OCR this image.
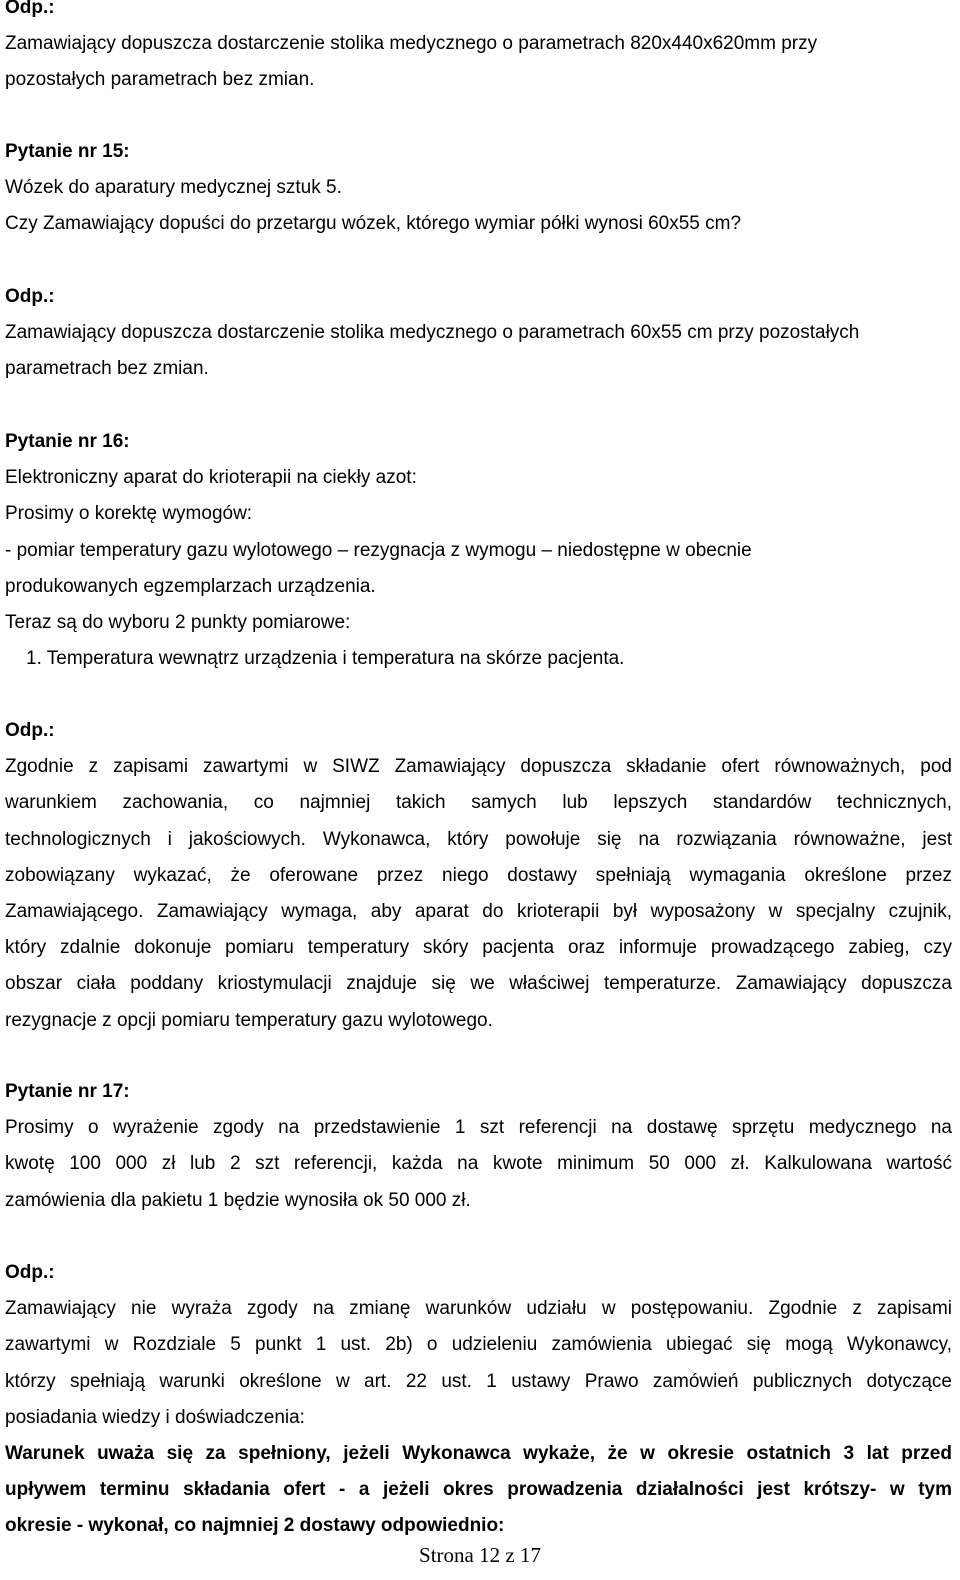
Odp.:
Zamawiający dopuszcza dostarczenie stolika medycznego o parametrach 820x440x620mm przy
pozostałych parametrach bez zmian.
Pytanie nr 15:
Wózek do aparatury medycznej sztuk 5.
Czy Zamawiający dopuści do przetargu wózek, którego wymiar półki wynosi 60x55 cm?
Odp.:
Zamawiający dopuszcza dostarczenie stolika medycznego o parametrach 60x55 cm przy pozostałych
parametrach bez zmian.
Pytanie nr 16:
Elektroniczny aparat do krioterapii na ciekły azot:
Prosimy o korektę wymogów:
- pomiar temperatury gazu wylotowego – rezygnacja z wymogu – niedostępne w obecnie
produkowanych egzemplarzach urządzenia.
Teraz są do wyboru 2 punkty pomiarowe:
1. Temperatura wewnątrz urządzenia i temperatura na skórze pacjenta.
Odp.:
Zgodnie z zapisami zawartymi w SIWZ Zamawiający dopuszcza składanie ofert równoważnych, pod
warunkiem zachowania, co najmniej takich samych lub lepszych standardów technicznych,
technologicznych i jakościowych. Wykonawca, który powołuje się na rozwiązania równoważne, jest
zobowiązany wykazać, że oferowane przez niego dostawy spełniają wymagania określone przez
Zamawiającego. Zamawiający wymaga, aby aparat do krioterapii był wyposażony w specjalny czujnik,
który zdalnie dokonuje pomiaru temperatury skóry pacjenta oraz informuje prowadzącego zabieg, czy
obszar ciała poddany kriostymulacji znajduje się we właściwej temperaturze. Zamawiający dopuszcza
rezygnacje z opcji pomiaru temperatury gazu wylotowego.
Pytanie nr 17:
Prosimy o wyrażenie zgody na przedstawienie 1 szt referencji na dostawę sprzętu medycznego na
kwotę 100 000 zł lub 2 szt referencji, każda na kwote minimum 50 000 zł. Kalkulowana wartość
zamówienia dla pakietu 1 będzie wynosiła ok 50 000 zł.
Odp.:
Zamawiający nie wyraża zgody na zmianę warunków udziału w postępowaniu. Zgodnie z zapisami
zawartymi w Rozdziale 5 punkt 1 ust. 2b) o udzieleniu zamówienia ubiegać się mogą Wykonawcy,
którzy spełniają warunki określone w art. 22 ust. 1 ustawy Prawo zamówień publicznych dotyczące
posiadania wiedzy i doświadczenia:
Warunek uważa się za spełniony, jeżeli Wykonawca wykaże, że w okresie ostatnich 3 lat przed
upływem terminu składania ofert - a jeżeli okres prowadzenia działalności jest krótszy- w tym
okresie - wykonał, co najmniej 2 dostawy odpowiednio:
Strona 12 z 17
